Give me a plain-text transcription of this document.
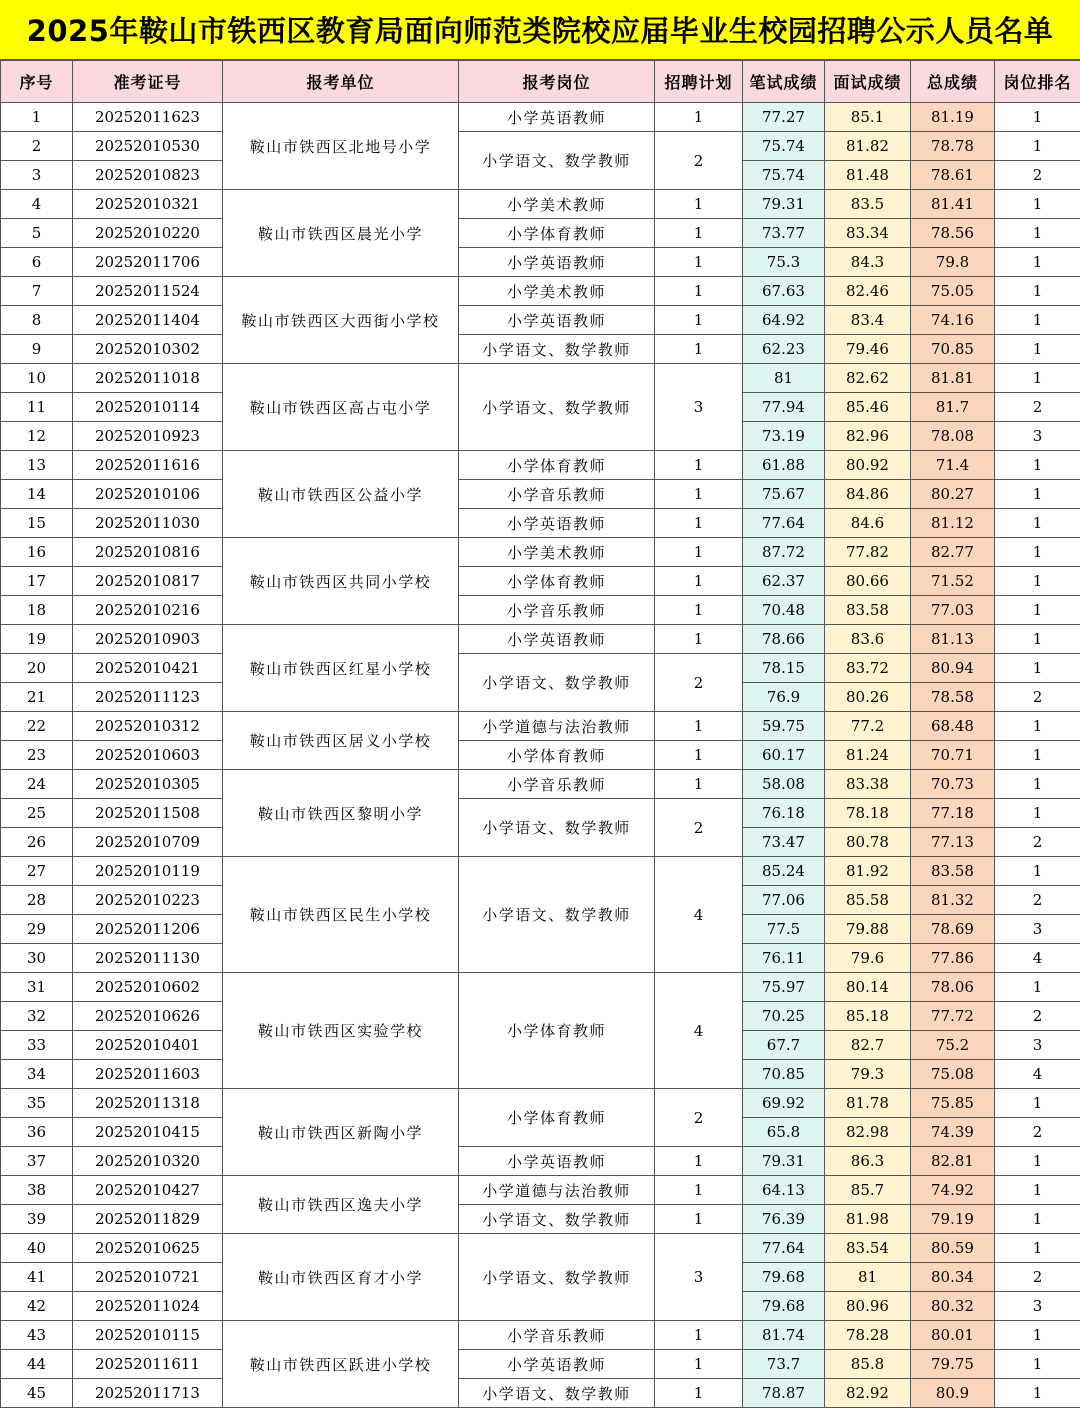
2025年鞍山市铁西区教育局面向师范类院校应届毕业生校园招聘公示人员名单
序号	准考证号	报考单位	报考岗位	招聘计划	笔试成绩	面试成绩	总成绩	岗位排名
1	20252011623	鞍山市铁西区北地号小学	小学英语教师	1	77.27	85.1	81.19	1
2	20252010530		小学语文、数学教师	2	75.74	81.82	78.78	1
3	20252010823				75.74	81.48	78.61	2
4	20252010321	鞍山市铁西区晨光小学	小学美术教师	1	79.31	83.5	81.41	1
5	20252010220		小学体育教师	1	73.77	83.34	78.56	1
6	20252011706		小学英语教师	1	75.3	84.3	79.8	1
7	20252011524	鞍山市铁西区大西街小学校	小学美术教师	1	67.63	82.46	75.05	1
8	20252011404		小学英语教师	1	64.92	83.4	74.16	1
9	20252010302		小学语文、数学教师	1	62.23	79.46	70.85	1
10	20252011018	鞍山市铁西区高占屯小学	小学语文、数学教师	3	81	82.62	81.81	1
11	20252010114				77.94	85.46	81.7	2
12	20252010923				73.19	82.96	78.08	3
13	20252011616	鞍山市铁西区公益小学	小学体育教师	1	61.88	80.92	71.4	1
14	20252010106		小学音乐教师	1	75.67	84.86	80.27	1
15	20252011030		小学英语教师	1	77.64	84.6	81.12	1
16	20252010816	鞍山市铁西区共同小学校	小学美术教师	1	87.72	77.82	82.77	1
17	20252010817		小学体育教师	1	62.37	80.66	71.52	1
18	20252010216		小学音乐教师	1	70.48	83.58	77.03	1
19	20252010903	鞍山市铁西区红星小学校	小学英语教师	1	78.66	83.6	81.13	1
20	20252010421		小学语文、数学教师	2	78.15	83.72	80.94	1
21	20252011123				76.9	80.26	78.58	2
22	20252010312	鞍山市铁西区居义小学校	小学道德与法治教师	1	59.75	77.2	68.48	1
23	20252010603		小学体育教师	1	60.17	81.24	70.71	1
24	20252010305	鞍山市铁西区黎明小学	小学音乐教师	1	58.08	83.38	70.73	1
25	20252011508		小学语文、数学教师	2	76.18	78.18	77.18	1
26	20252010709				73.47	80.78	77.13	2
27	20252010119	鞍山市铁西区民生小学校	小学语文、数学教师	4	85.24	81.92	83.58	1
28	20252010223				77.06	85.58	81.32	2
29	20252011206				77.5	79.88	78.69	3
30	20252011130				76.11	79.6	77.86	4
31	20252010602	鞍山市铁西区实验学校	小学体育教师	4	75.97	80.14	78.06	1
32	20252010626				70.25	85.18	77.72	2
33	20252010401				67.7	82.7	75.2	3
34	20252011603				70.85	79.3	75.08	4
35	20252011318	鞍山市铁西区新陶小学	小学体育教师	2	69.92	81.78	75.85	1
36	20252010415				65.8	82.98	74.39	2
37	20252010320		小学英语教师	1	79.31	86.3	82.81	1
38	20252010427	鞍山市铁西区逸夫小学	小学道德与法治教师	1	64.13	85.7	74.92	1
39	20252011829		小学语文、数学教师	1	76.39	81.98	79.19	1
40	20252010625	鞍山市铁西区育才小学	小学语文、数学教师	3	77.64	83.54	80.59	1
41	20252010721				79.68	81	80.34	2
42	20252011024				79.68	80.96	80.32	3
43	20252010115	鞍山市铁西区跃进小学校	小学音乐教师	1	81.74	78.28	80.01	1
44	20252011611		小学英语教师	1	73.7	85.8	79.75	1
45	20252011713		小学语文、数学教师	1	78.87	82.92	80.9	1
